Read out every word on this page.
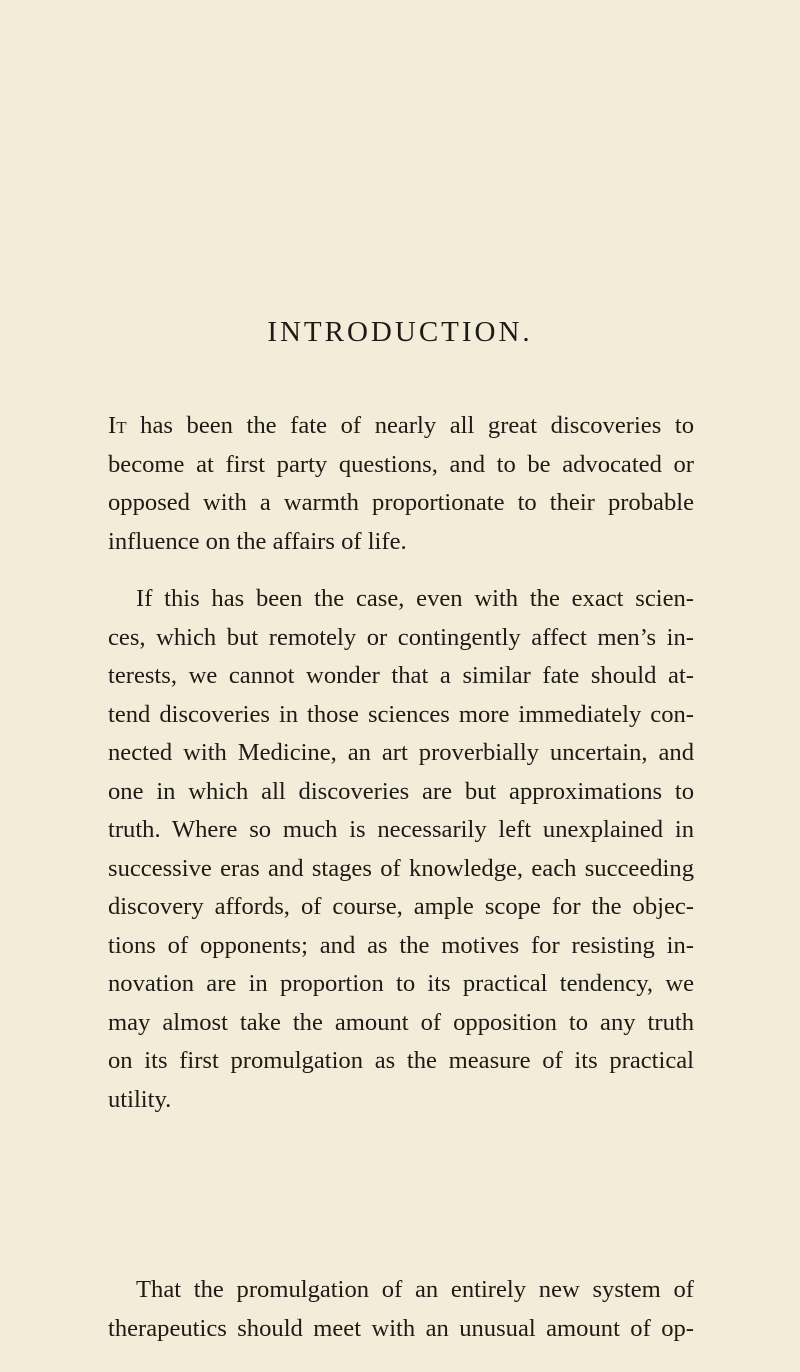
INTRODUCTION.
It has been the fate of nearly all great discoveries to
become at first party questions, and to be advocated or
opposed with a warmth proportionate to their probable
influence on the affairs of life.
If this has been the case, even with the exact scien-
ces, which but remotely or contingently affect men’s in-
terests, we cannot wonder that a similar fate should at-
tend discoveries in those sciences more immediately con-
nected with Medicine, an art proverbially uncertain, and
one in which all discoveries are but approximations to
truth. Where so much is necessarily left unexplained in
successive eras and stages of knowledge, each succeeding
discovery affords, of course, ample scope for the objec-
tions of opponents; and as the motives for resisting in-
novation are in proportion to its practical tendency, we
may almost take the amount of opposition to any truth
on its first promulgation as the measure of its practical
utility.
That the promulgation of an entirely new system of
therapeutics should meet with an unusual amount of op-
